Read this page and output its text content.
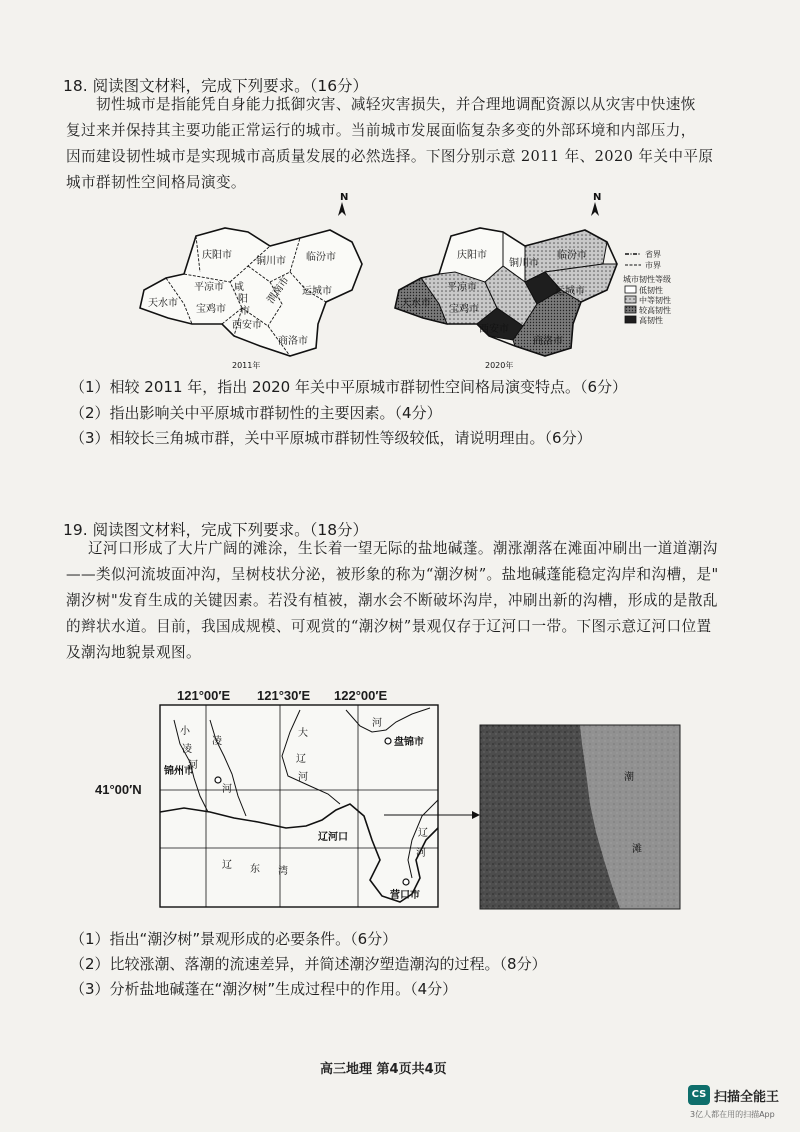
18. 阅读图文材料，完成下列要求。（16分）
韧性城市是指能凭自身能力抵御灾害、减轻灾害损失，并合理地调配资源以从灾害中快速恢
复过来并保持其主要功能正常运行的城市。当前城市发展面临复杂多变的外部环境和内部压力，
因而建设韧性城市是实现城市高质量发展的必然选择。下图分别示意 2011 年、2020 年关中平原
城市群韧性空间格局演变。
N
庆阳市
铜川市 临汾市
平凉市 咸
阳
市
渭南市 运城市
天水市
宝鸡市
西安市
商洛市
2011年
N
庆阳市
铜川市
临汾市
平凉市	运城市
天水市
宝鸡市
西安市
商洛市
2020年
省界
市界
城市韧性等级
低韧性
中等韧性
较高韧性
高韧性
（1）相较 2011 年，指出 2020 年关中平原城市群韧性空间格局演变特点。（6分）
（2）指出影响关中平原城市群韧性的主要因素。（4分）
（3）相较长三角城市群，关中平原城市群韧性等级较低，请说明理由。（6分）
19. 阅读图文材料，完成下列要求。（18分）
辽河口形成了大片广阔的滩涂，生长着一望无际的盐地碱蓬。潮涨潮落在滩面冲刷出一道道潮沟
——类似河流坡面冲沟，呈树枝状分泌，被形象的称为“潮汐树”。盐地碱蓬能稳定沟岸和沟槽，是"
潮汐树"发育生成的关键因素。若没有植被，潮水会不断破坏沟岸，冲刷出新的沟槽，形成的是散乱
的辫状水道。目前，我国成规模、可观赏的“潮汐树”景观仅存于辽河口一带。下图示意辽河口位置
及潮沟地貌景观图。
121°00′E 121°30′E 122°00′E
41°00′N
盘锦市
锦州市
辽河口
营口市
辽 东 湾
小
凌
河
凌
河
大
辽
河
河
辽
河
潮
滩
（1）指出“潮汐树”景观形成的必要条件。（6分）
（2）比较涨潮、落潮的流速差异，并简述潮汐塑造潮沟的过程。（8分）
（3）分析盐地碱蓬在“潮汐树”生成过程中的作用。（4分）
高三地理 第4页共4页
CS 扫描全能王
3亿人都在用的扫描App
